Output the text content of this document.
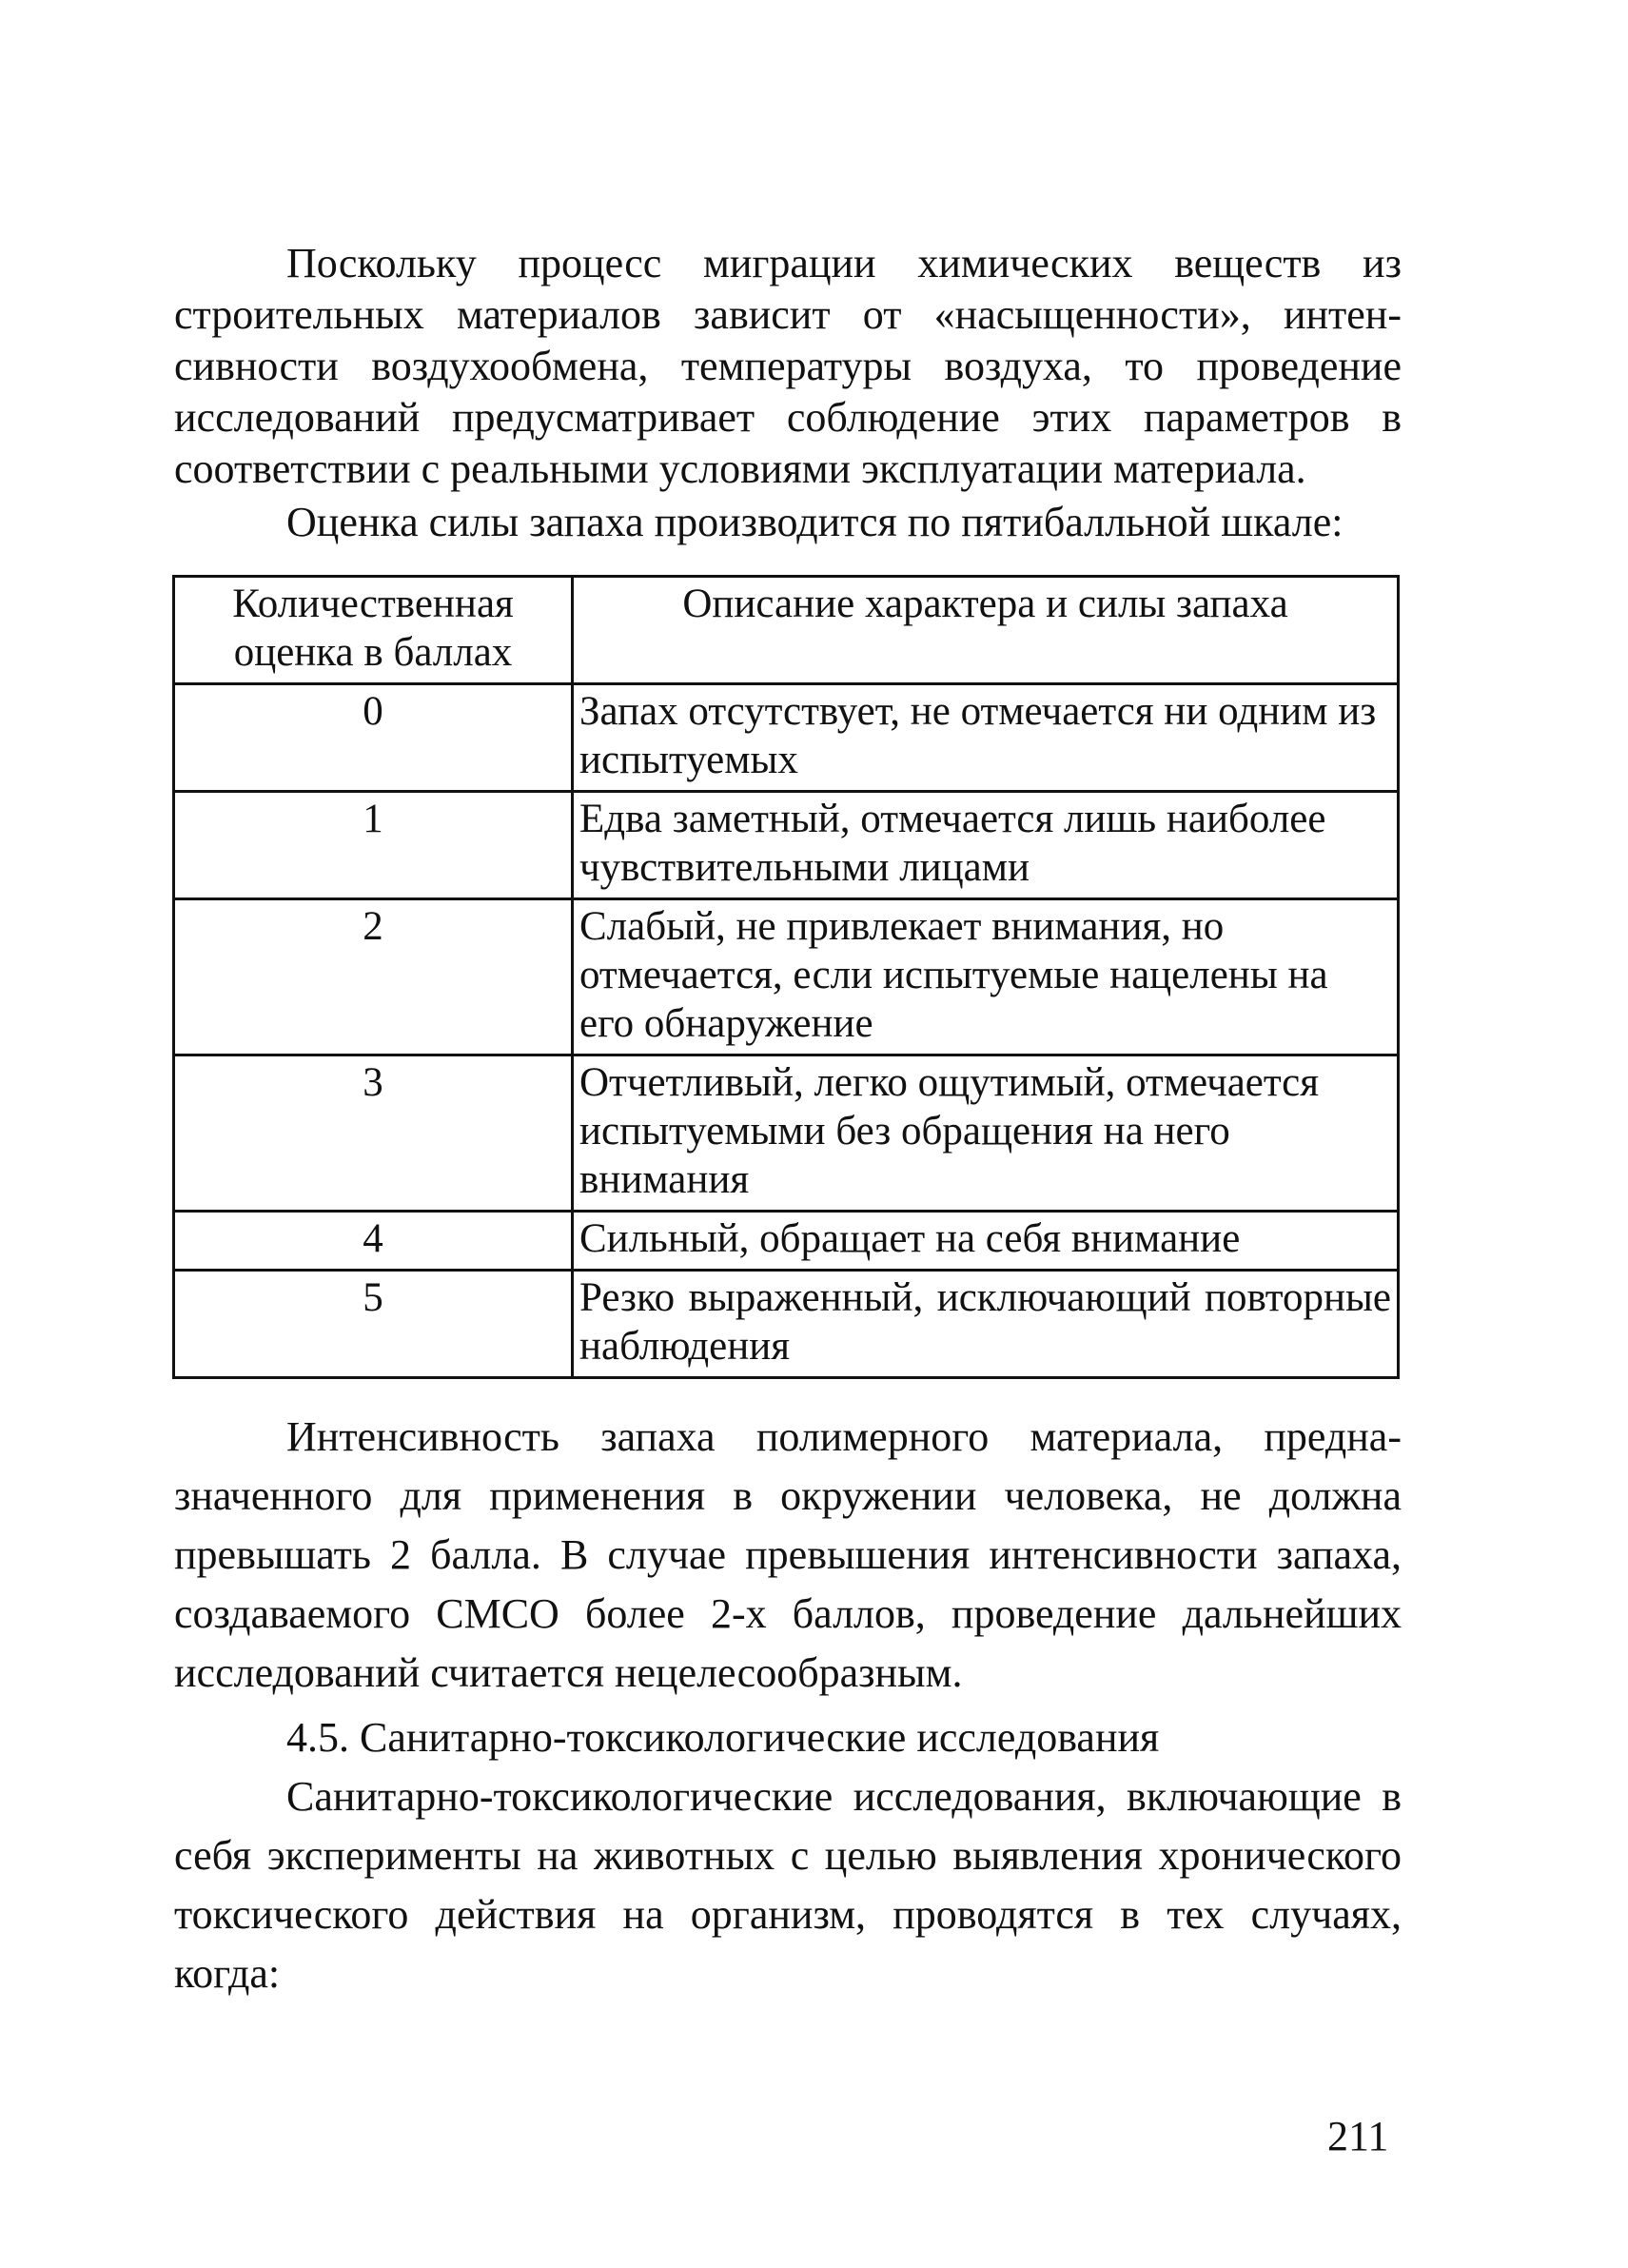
Поскольку процесс миграции химических веществ из строительных материалов зависит от «насыщенности», интен-сивности воздухообмена, температуры воздуха, то проведение исследований предусматривает соблюдение этих параметров в соответствии с реальными условиями эксплуатации материала.

Оценка силы запаха производится по пятибалльной шкале:

Количественная оценка в баллах	Описание характера и силы запаха
0	Запах отсутствует, не отмечается ни одним из испытуемых
1	Едва заметный, отмечается лишь наиболее чувствительными лицами
2	Слабый, не привлекает внимания, но отмечается, если испытуемые нацелены на его обнаружение
3	Отчетливый, легко ощутимый, отмечается испытуемыми без обращения на него внимания
4	Сильный, обращает на себя внимание
5	Резко выраженный, исключающий повторные наблюдения

Интенсивность запаха полимерного материала, предна-значенного для применения в окружении человека, не должна превышать 2 балла. В случае превышения интенсивности запаха, создаваемого СМСО более 2-х баллов, проведение дальнейших исследований считается нецелесообразным.

4.5. Санитарно-токсикологические исследования

Санитарно-токсикологические исследования, включающие в себя эксперименты на животных с целью выявления хронического токсического действия на организм, проводятся в тех случаях, когда:

211
